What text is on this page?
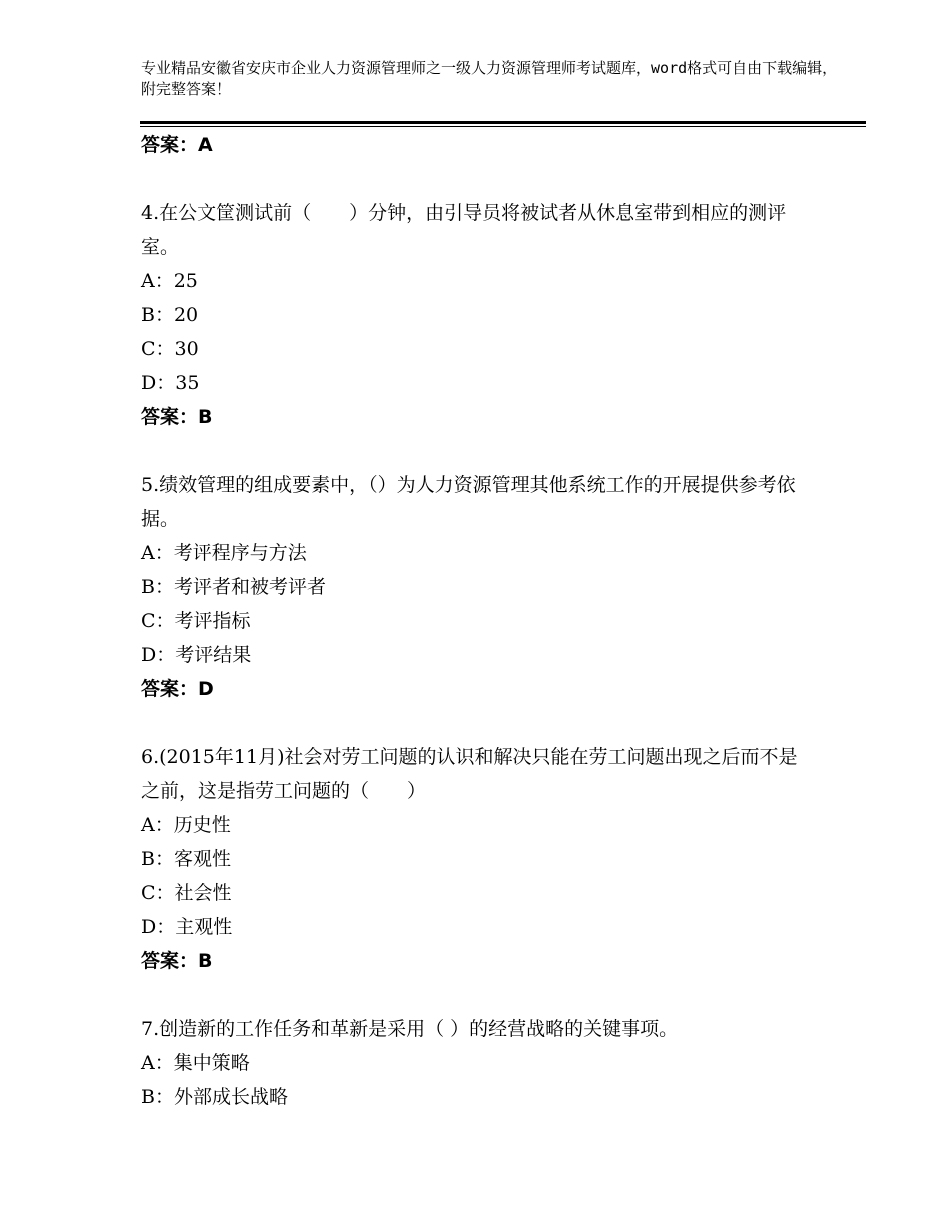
专业精品安徽省安庆市企业人力资源管理师之一级人力资源管理师考试题库，word格式可自由下载编辑，附完整答案！
答案：A
4.在公文筐测试前（　　）分钟，由引导员将被试者从休息室带到相应的测评室。
A：25
B：20
C：30
D：35
答案：B
5.绩效管理的组成要素中，（）为人力资源管理其他系统工作的开展提供参考依据。
A：考评程序与方法
B：考评者和被考评者
C：考评指标
D：考评结果
答案：D
6.(2015年11月)社会对劳工问题的认识和解决只能在劳工问题出现之后而不是之前，这是指劳工问题的（　　）
A：历史性
B：客观性
C：社会性
D：主观性
答案：B
7.创造新的工作任务和革新是采用（ ）的经营战略的关键事项。
A：集中策略
B：外部成长战略
